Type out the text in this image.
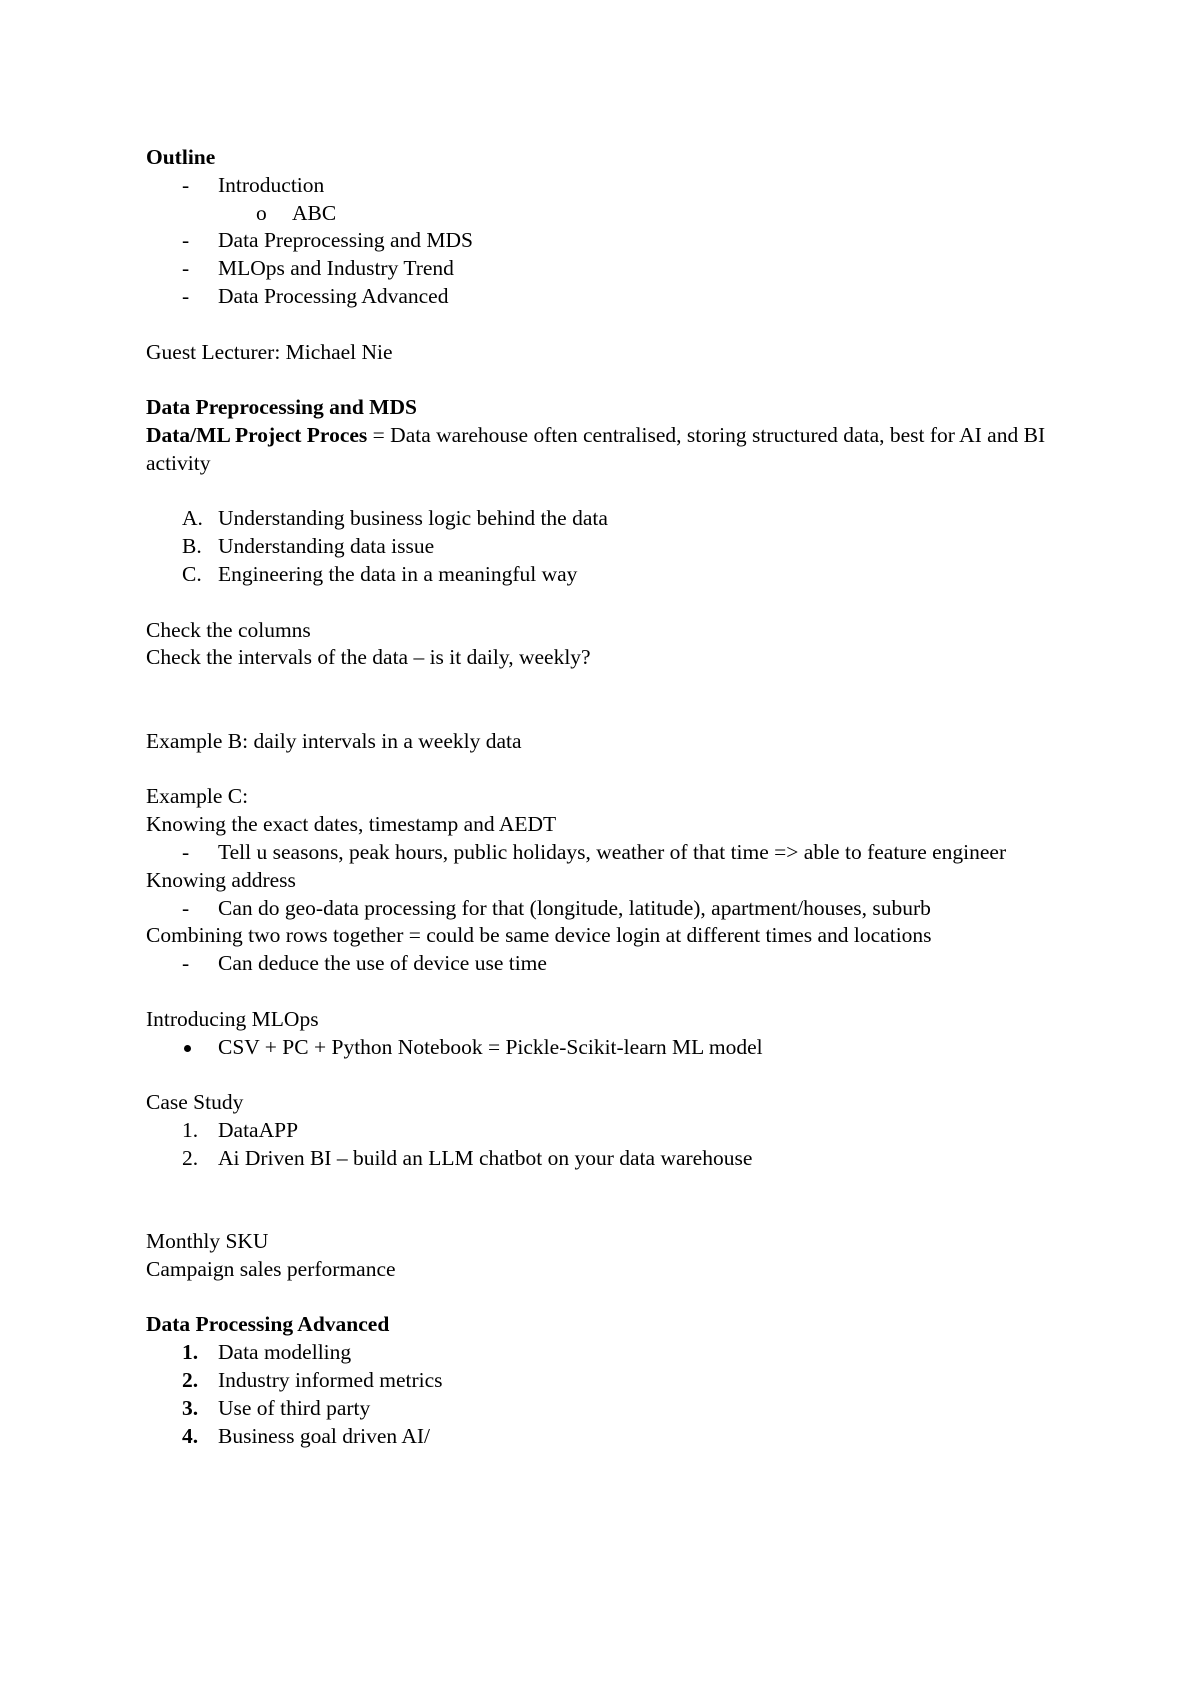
Outline
- Introduction
o ABC
- Data Preprocessing and MDS
- MLOps and Industry Trend
- Data Processing Advanced
Guest Lecturer: Michael Nie
Data Preprocessing and MDS
Data/ML Project Proces = Data warehouse often centralised, storing structured data, best for AI and BI activity
A. Understanding business logic behind the data
B. Understanding data issue
C. Engineering the data in a meaningful way
Check the columns
Check the intervals of the data – is it daily, weekly?
Example B: daily intervals in a weekly data
Example C:
Knowing the exact dates, timestamp and AEDT
- Tell u seasons, peak hours, public holidays, weather of that time => able to feature engineer
Knowing address
- Can do geo-data processing for that (longitude, latitude), apartment/houses, suburb
Combining two rows together = could be same device login at different times and locations
- Can deduce the use of device use time
Introducing MLOps
CSV + PC + Python Notebook = Pickle-Scikit-learn ML model
Case Study
1. DataAPP
2. Ai Driven BI – build an LLM chatbot on your data warehouse
Monthly SKU
Campaign sales performance
Data Processing Advanced
1. Data modelling
2. Industry informed metrics
3. Use of third party
4. Business goal driven AI/
